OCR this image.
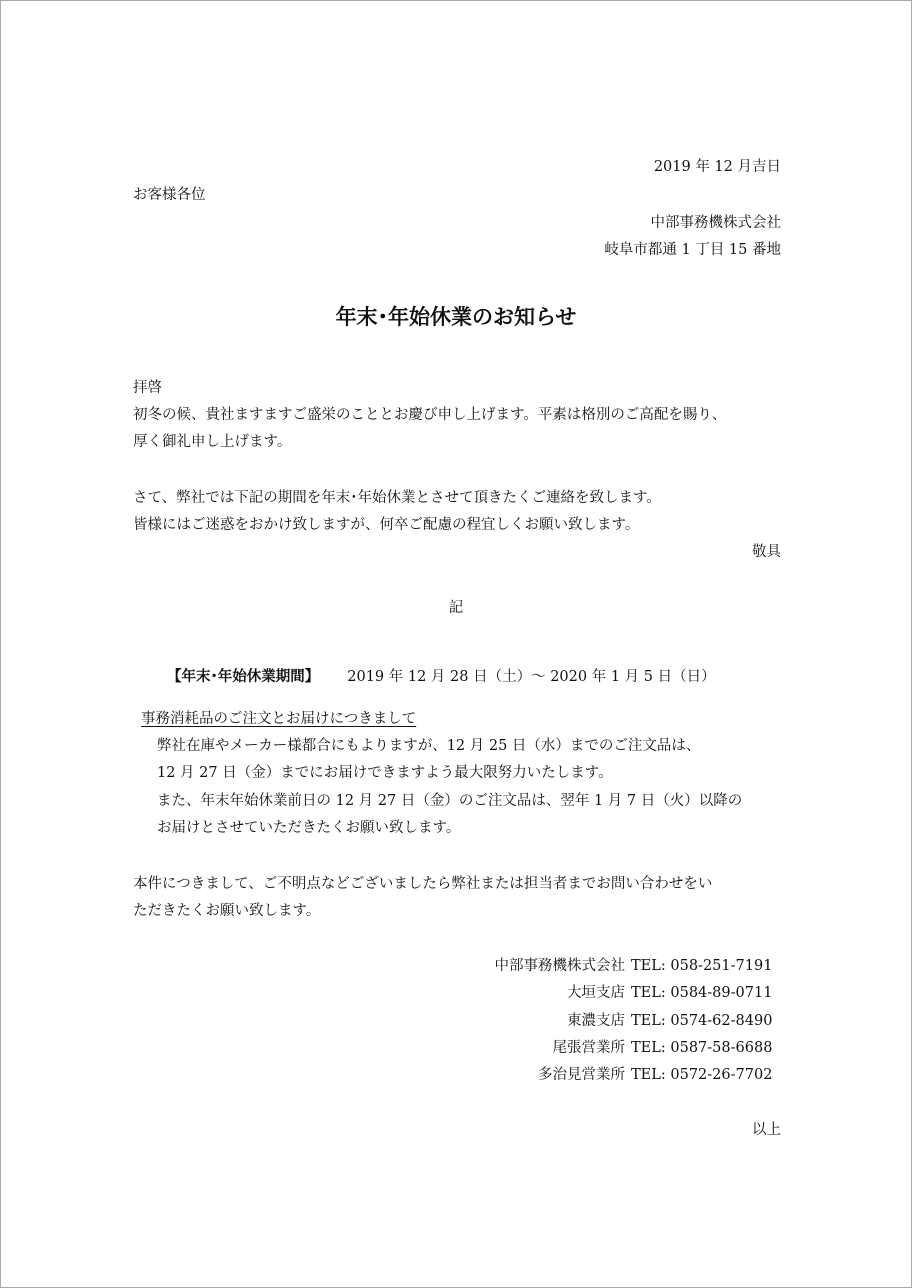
2019 年 12 月吉日
お客様各位
中部事務機株式会社
岐阜市都通 1 丁目 15 番地
年末･年始休業のお知らせ
拝啓
初冬の候、貴社ますますご盛栄のこととお慶び申し上げます。平素は格別のご高配を賜り、
厚く御礼申し上げます。
さて、弊社では下記の期間を年末･年始休業とさせて頂きたくご連絡を致します。
皆様にはご迷惑をおかけ致しますが、何卒ご配慮の程宜しくお願い致します。
敬具
記
【年末･年始休業期間】 2019 年 12 月 28 日（土）～ 2020 年 1 月 5 日（日）
事務消耗品のご注文とお届けにつきまして
弊社在庫やメーカー様都合にもよりますが、12 月 25 日（水）までのご注文品は、
12 月 27 日（金）までにお届けできますよう最大限努力いたします。
また、年末年始休業前日の 12 月 27 日（金）のご注文品は、翌年 1 月 7 日（火）以降の
お届けとさせていただきたくお願い致します。
本件につきまして、ご不明点などございましたら弊社または担当者までお問い合わせをい
ただきたくお願い致します。
中部事務機株式会社 TEL: 058-251-7191
大垣支店 TEL: 0584-89-0711
東濃支店 TEL: 0574-62-8490
尾張営業所 TEL: 0587-58-6688
多治見営業所 TEL: 0572-26-7702
以上
